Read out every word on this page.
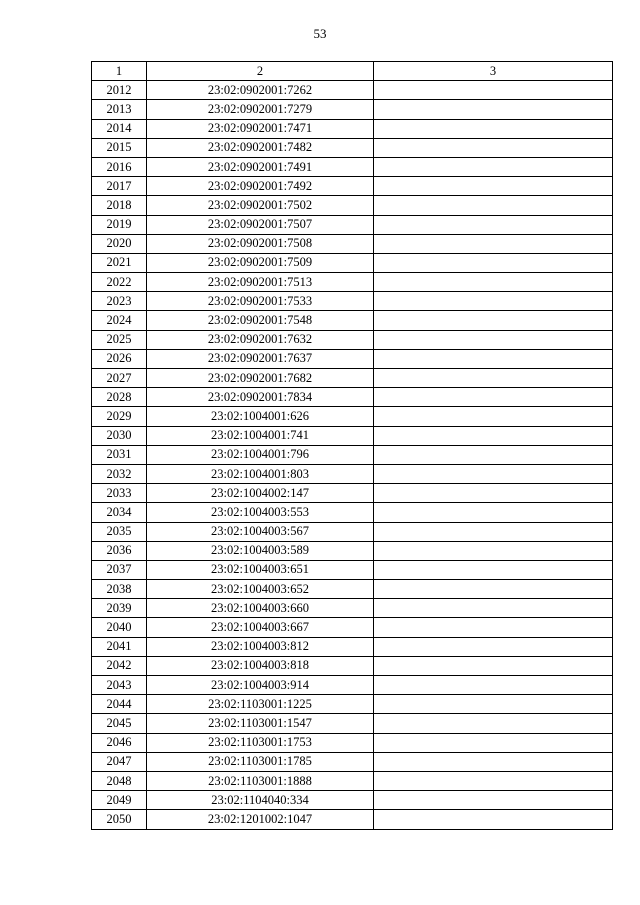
53
1	2	3
2012	23:02:0902001:7262	
2013	23:02:0902001:7279	
2014	23:02:0902001:7471	
2015	23:02:0902001:7482	
2016	23:02:0902001:7491	
2017	23:02:0902001:7492	
2018	23:02:0902001:7502	
2019	23:02:0902001:7507	
2020	23:02:0902001:7508	
2021	23:02:0902001:7509	
2022	23:02:0902001:7513	
2023	23:02:0902001:7533	
2024	23:02:0902001:7548	
2025	23:02:0902001:7632	
2026	23:02:0902001:7637	
2027	23:02:0902001:7682	
2028	23:02:0902001:7834	
2029	23:02:1004001:626	
2030	23:02:1004001:741	
2031	23:02:1004001:796	
2032	23:02:1004001:803	
2033	23:02:1004002:147	
2034	23:02:1004003:553	
2035	23:02:1004003:567	
2036	23:02:1004003:589	
2037	23:02:1004003:651	
2038	23:02:1004003:652	
2039	23:02:1004003:660	
2040	23:02:1004003:667	
2041	23:02:1004003:812	
2042	23:02:1004003:818	
2043	23:02:1004003:914	
2044	23:02:1103001:1225	
2045	23:02:1103001:1547	
2046	23:02:1103001:1753	
2047	23:02:1103001:1785	
2048	23:02:1103001:1888	
2049	23:02:1104040:334	
2050	23:02:1201002:1047	
